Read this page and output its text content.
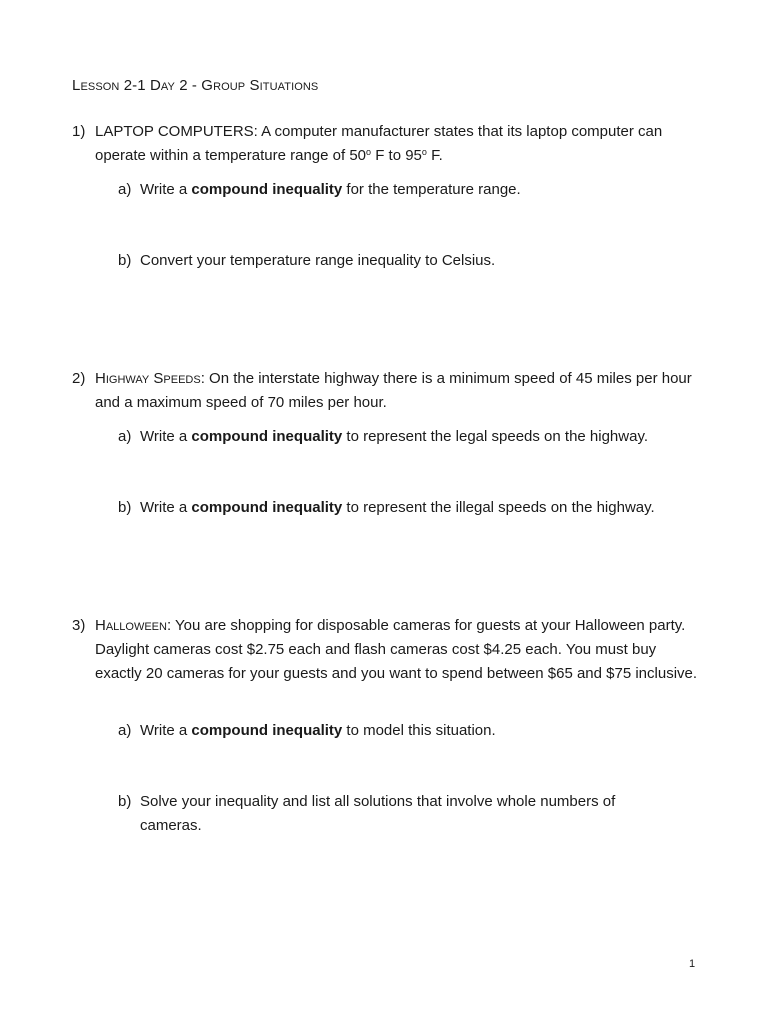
Lesson 2-1 Day 2 - Group Situations
1) LAPTOP COMPUTERS: A computer manufacturer states that its laptop computer can operate within a temperature range of 50$^o$ F to 95$^o$ F.
a) Write a compound inequality for the temperature range.
b) Convert your temperature range inequality to Celsius.
2) Highway Speeds: On the interstate highway there is a minimum speed of 45 miles per hour and a maximum speed of 70 miles per hour.
a) Write a compound inequality to represent the legal speeds on the highway.
b) Write a compound inequality to represent the illegal speeds on the highway.
3) Halloween: You are shopping for disposable cameras for guests at your Halloween party. Daylight cameras cost $2.75 each and flash cameras cost $4.25 each. You must buy exactly 20 cameras for your guests and you want to spend between $65 and $75 inclusive.
a) Write a compound inequality to model this situation.
b) Solve your inequality and list all solutions that involve whole numbers of cameras.
1
